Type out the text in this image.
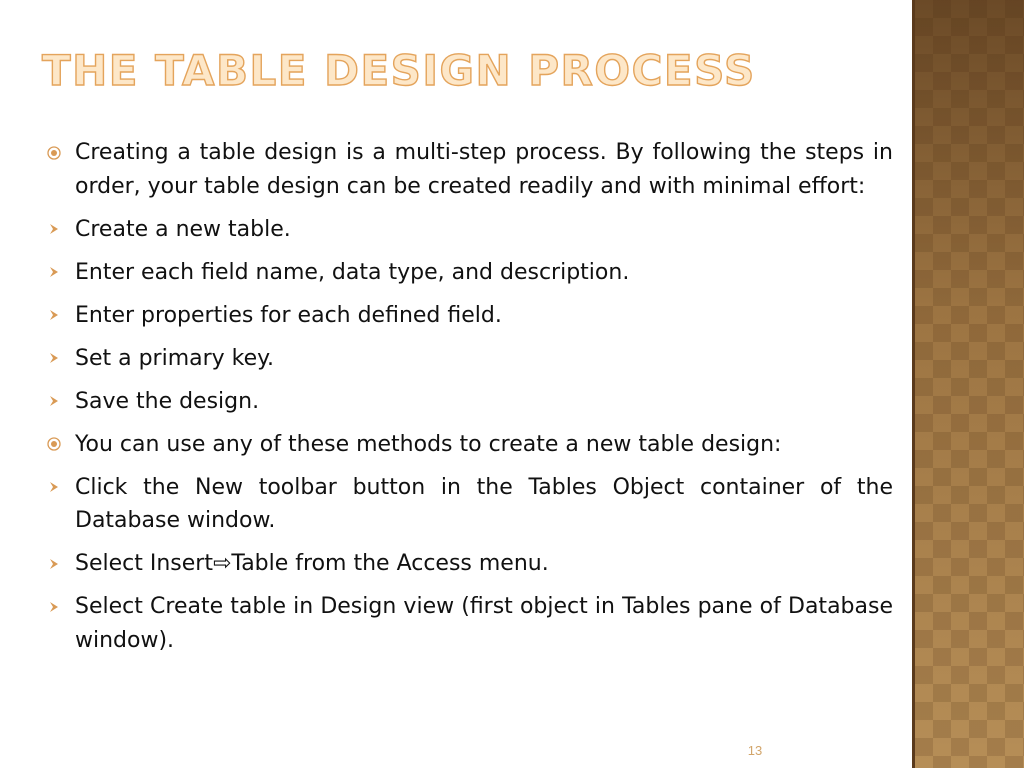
THE TABLE DESIGN PROCESS
Creating a table design is a multi-step process. By following the steps in order, your table design can be created readily and with minimal effort:
Create a new table.
Enter each field name, data type, and description.
Enter properties for each defined field.
Set a primary key.
Save the design.
You can use any of these methods to create a new table design:
Click the New toolbar button in the Tables Object container of the Database window.
Select Insert⇨Table from the Access menu.
Select Create table in Design view (first object in Tables pane of Database window).
13
